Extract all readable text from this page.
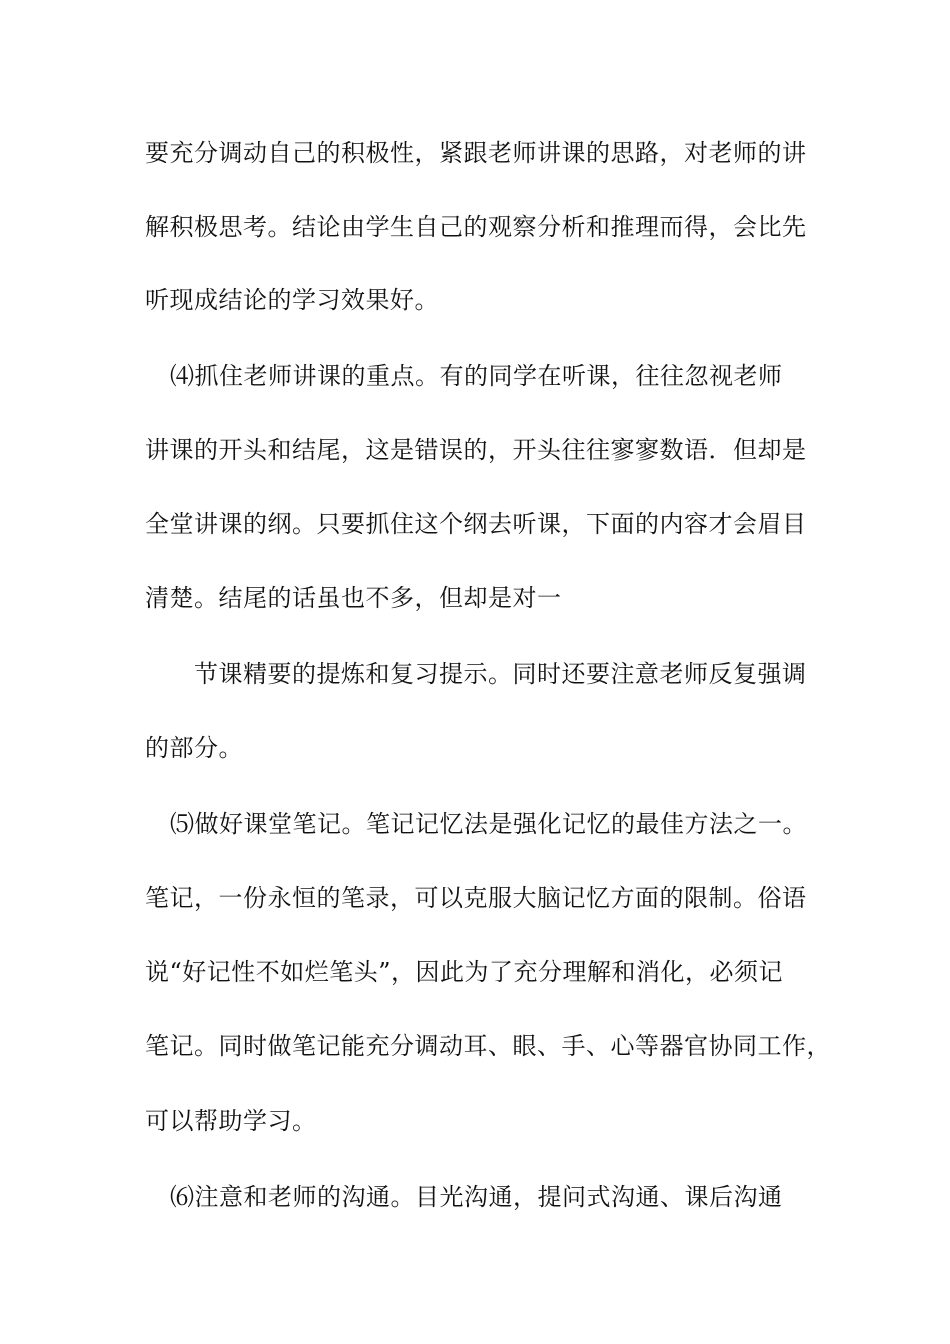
要充分调动自己的积极性，紧跟老师讲课的思路，对老师的讲
解积极思考。结论由学生自己的观察分析和推理而得，会比先
听现成结论的学习效果好。
⑷抓住老师讲课的重点。有的同学在听课，往往忽视老师
讲课的开头和结尾，这是错误的，开头往往寥寥数语．但却是
全堂讲课的纲。只要抓住这个纲去听课，下面的内容才会眉目
清楚。结尾的话虽也不多，但却是对一
节课精要的提炼和复习提示。同时还要注意老师反复强调
的部分。
⑸做好课堂笔记。笔记记忆法是强化记忆的最佳方法之一。
笔记，一份永恒的笔录，可以克服大脑记忆方面的限制。俗语
说“好记性不如烂笔头”，因此为了充分理解和消化，必须记
笔记。同时做笔记能充分调动耳、眼、手、心等器官协同工作，
可以帮助学习。
⑹注意和老师的沟通。目光沟通，提问式沟通、课后沟通
